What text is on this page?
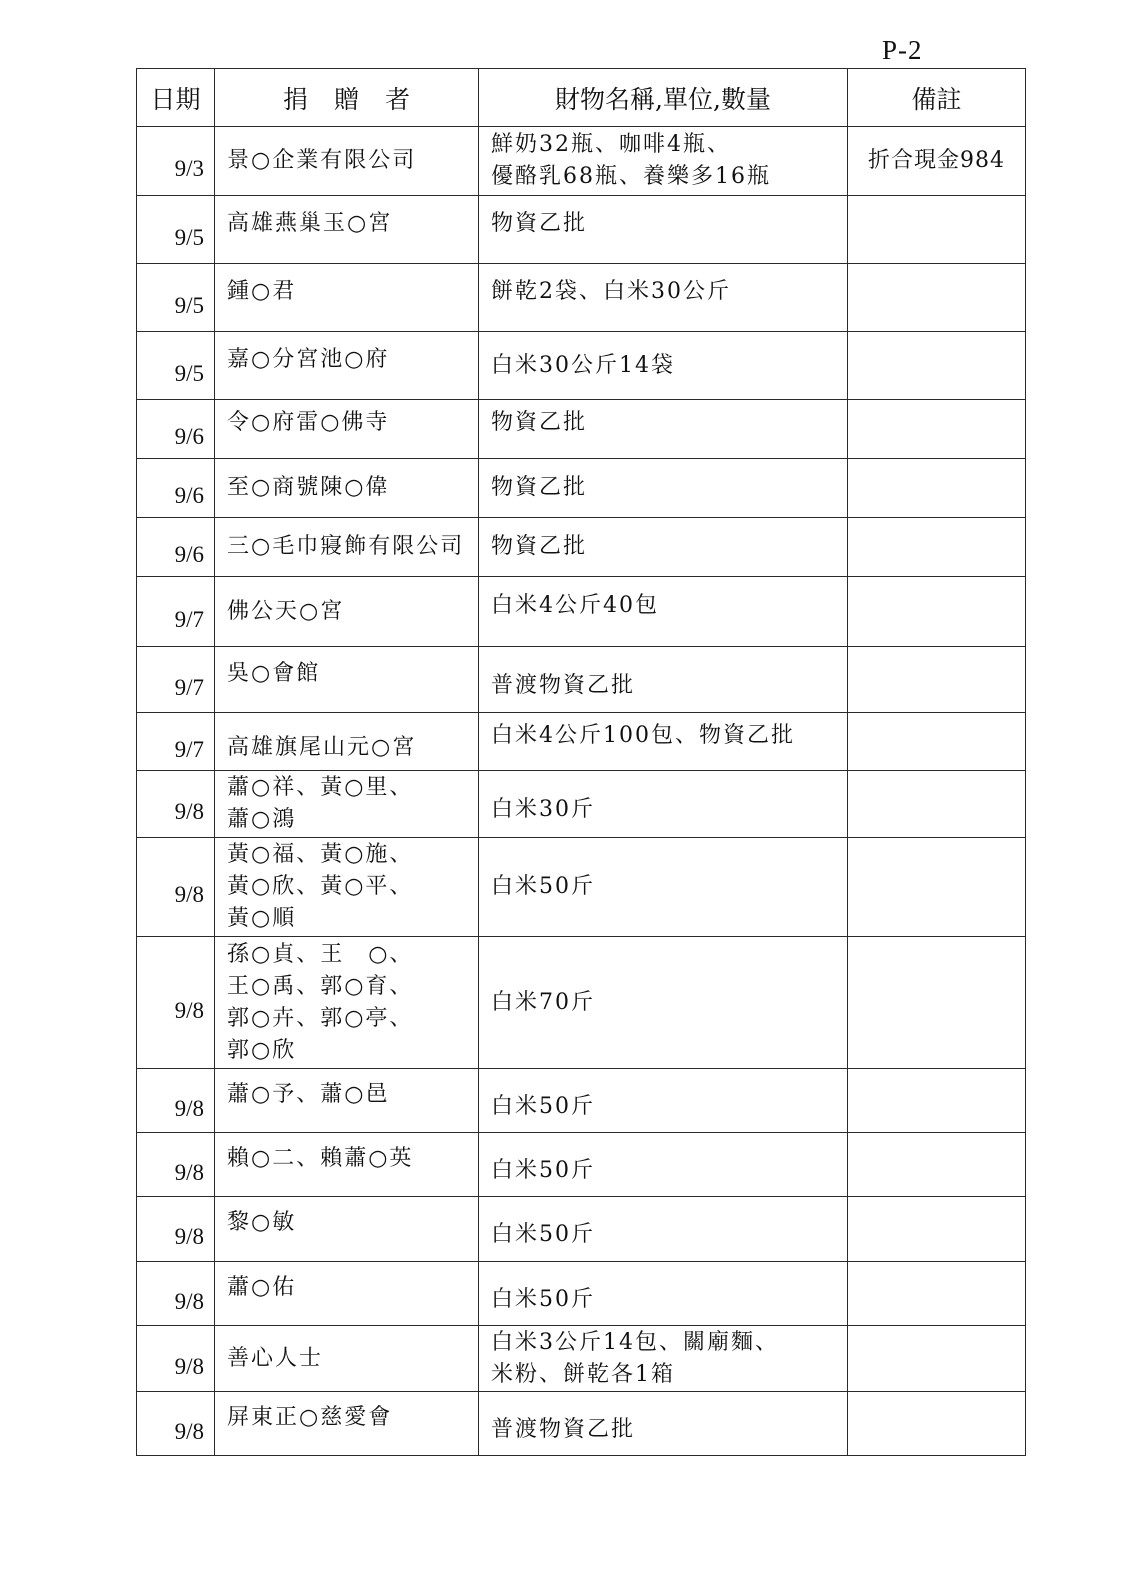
P-2
日期	捐贈者	財物名稱,單位,數量	備註
9/3	景○企業有限公司	鮮奶32瓶、咖啡4瓶、
優酪乳68瓶、養樂多16瓶	折合現金984
9/5	高雄燕巢玉○宮	物資乙批	

9/5	鍾○君	餅乾2袋、白米30公斤	

9/5	嘉○分宮池○府	白米30公斤14袋	

9/6	令○府雷○佛寺	物資乙批	

9/6	至○商號陳○偉	物資乙批	

9/6	三○毛巾寢飾有限公司	物資乙批	

9/7	佛公天○宮	白米4公斤40包	

9/7	吳○會館	普渡物資乙批	

9/7	高雄旗尾山元○宮	白米4公斤100包、物資乙批	

9/8	蕭○祥、黃○里、
蕭○鴻	白米30斤	

9/8	黃○福、黃○施、
黃○欣、黃○平、
黃○順	白米50斤	

9/8	孫○貞、王　○、
王○禹、郭○育、
郭○卉、郭○亭、
郭○欣	白米70斤	

9/8	蕭○予、蕭○邑	白米50斤	

9/8	賴○二、賴蕭○英	白米50斤	

9/8	黎○敏	白米50斤	

9/8	蕭○佑	白米50斤	

9/8	善心人士	白米3公斤14包、關廟麵、
米粉、餅乾各1箱	

9/8	屏東正○慈愛會	普渡物資乙批	
